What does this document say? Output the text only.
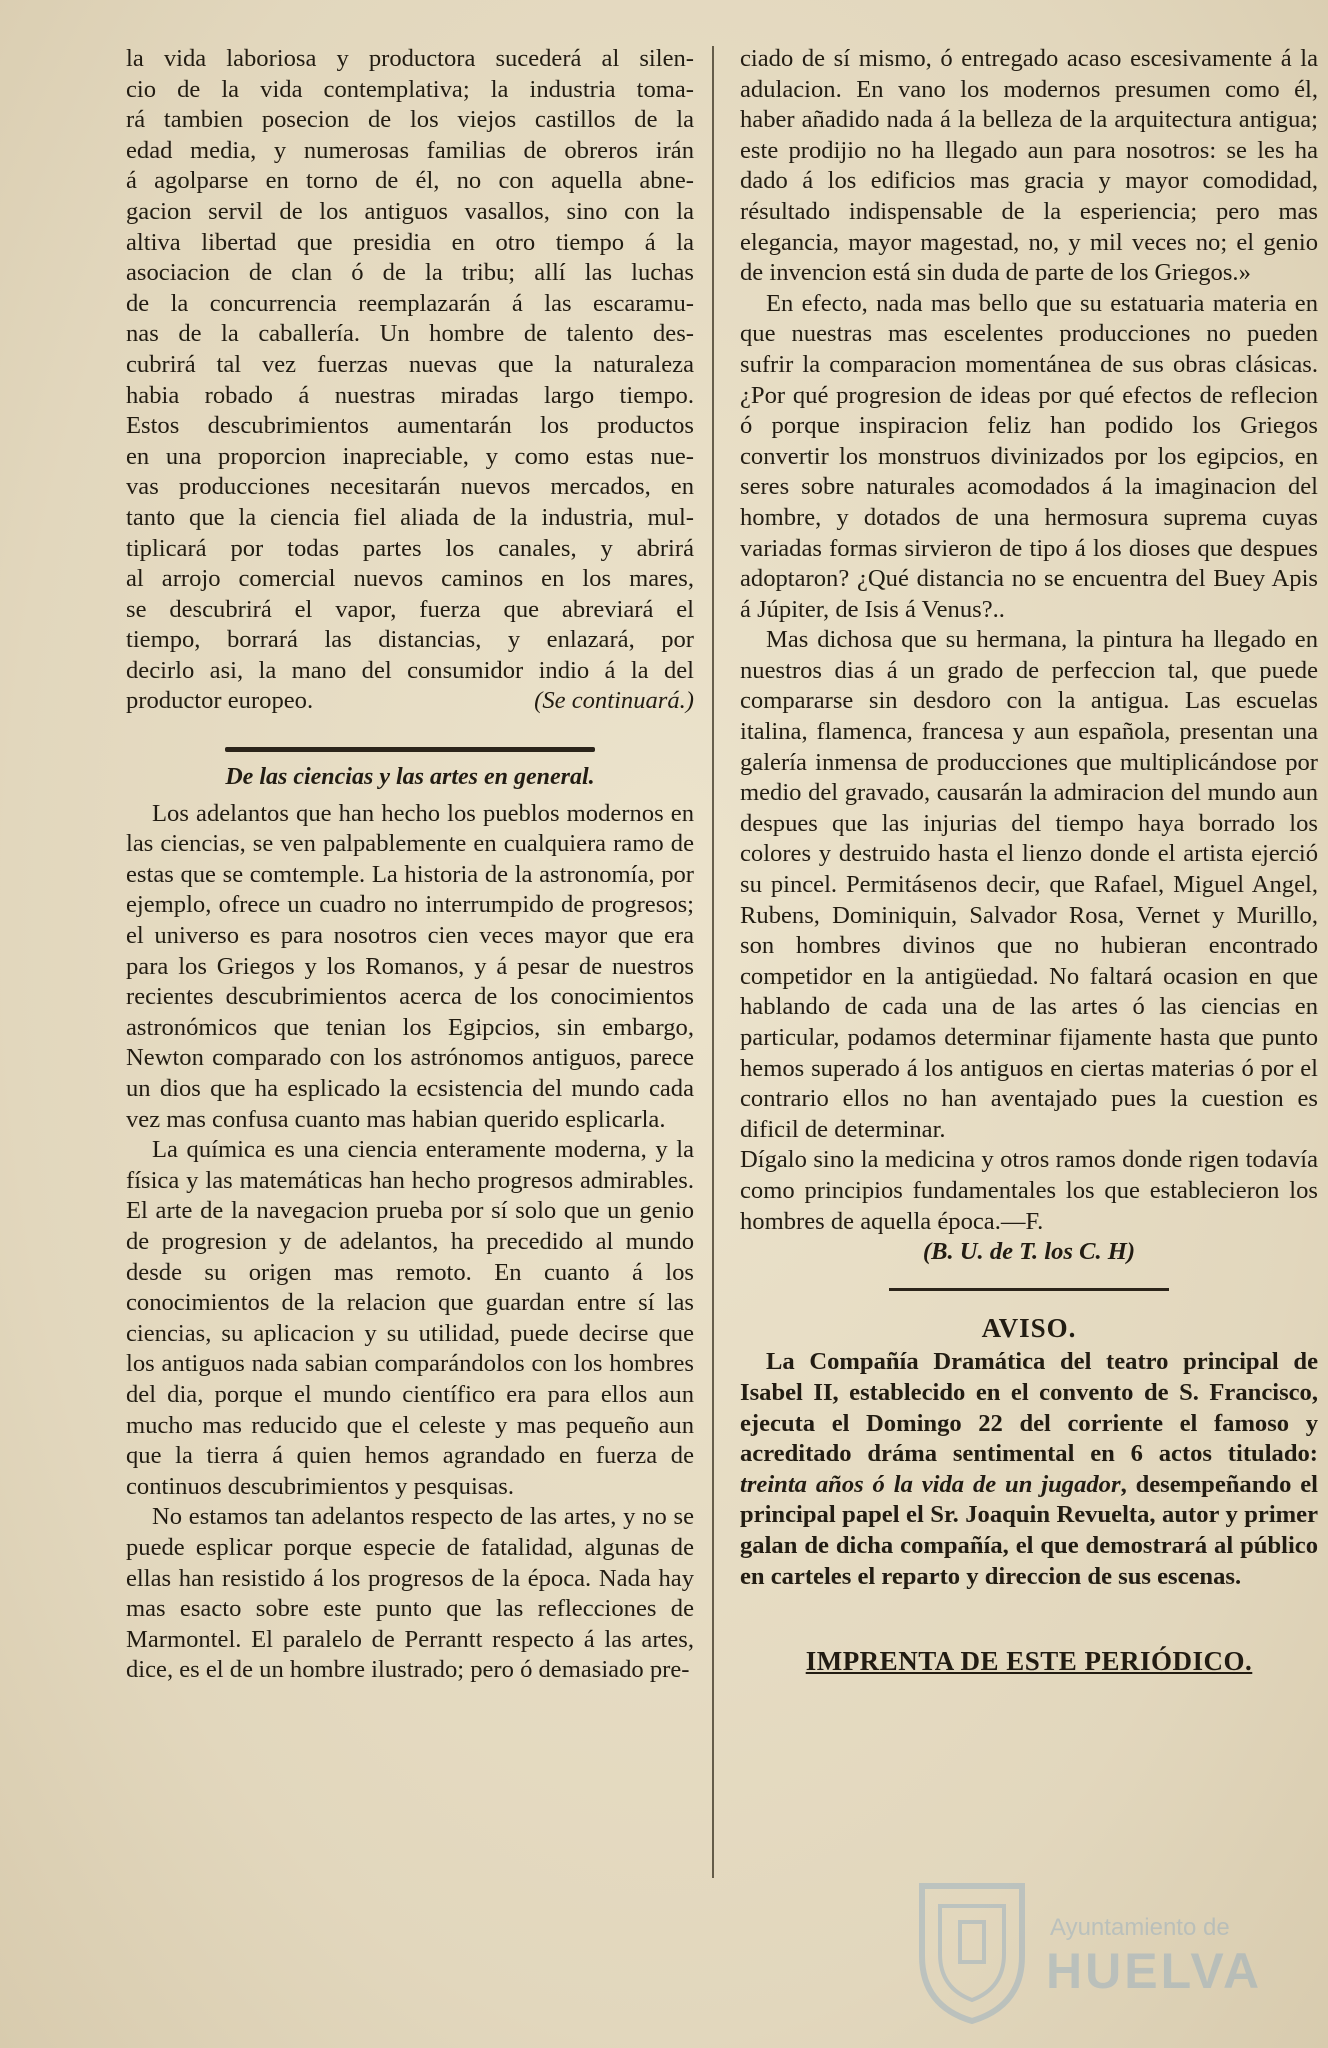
la vida laboriosa y productora sucederá al silen-
cio de la vida contemplativa; la industria toma-
rá tambien posecion de los viejos castillos de la
edad media, y numerosas familias de obreros irán
á agolparse en torno de él, no con aquella abne-
gacion servil de los antiguos vasallos, sino con la
altiva libertad que presidia en otro tiempo á la
asociacion de clan ó de la tribu; allí las luchas
de la concurrencia reemplazarán á las escaramu-
nas de la caballería. Un hombre de talento des-
cubrirá tal vez fuerzas nuevas que la naturaleza
habia robado á nuestras miradas largo tiempo.
Estos descubrimientos aumentarán los productos
en una proporcion inapreciable, y como estas nue-
vas producciones necesitarán nuevos mercados, en
tanto que la ciencia fiel aliada de la industria, mul-
tiplicará por todas partes los canales, y abrirá
al arrojo comercial nuevos caminos en los mares,
se descubrirá el vapor, fuerza que abreviará el
tiempo, borrará las distancias, y enlazará, por
decirlo asi, la mano del consumidor indio á la del
productor europeo.	(Se continuará.)

De las ciencias y las artes en general.

Los adelantos que han hecho los pueblos modernos en las ciencias, se ven palpablemente en cualquiera ramo de estas que se comtemple. La historia de la astronomía, por ejemplo, ofrece un cuadro no interrumpido de progresos; el universo es para nosotros cien veces mayor que era para los Griegos y los Romanos, y á pesar de nuestros recientes descubrimientos acerca de los conocimientos astronómicos que tenian los Egipcios, sin embargo, Newton comparado con los astrónomos antiguos, parece un dios que ha esplicado la ecsistencia del mundo cada vez mas confusa cuanto mas habian querido esplicarla.

La química es una ciencia enteramente moderna, y la física y las matemáticas han hecho progresos admirables. El arte de la navegacion prueba por sí solo que un genio de progresion y de adelantos, ha precedido al mundo desde su origen mas remoto. En cuanto á los conocimientos de la relacion que guardan entre sí las ciencias, su aplicacion y su utilidad, puede decirse que los antiguos nada sabian comparándolos con los hombres del dia, porque el mundo científico era para ellos aun mucho mas reducido que el celeste y mas pequeño aun que la tierra á quien hemos agrandado en fuerza de continuos descubrimientos y pesquisas.

No estamos tan adelantos respecto de las artes, y no se puede esplicar porque especie de fatalidad, algunas de ellas han resistido á los progresos de la época. Nada hay mas esacto sobre este punto que las reflecciones de Marmontel. El paralelo de Perrantt respecto á las artes, dice, es el de un hombre ilustrado; pero ó demasiado pre-

ciado de sí mismo, ó entregado acaso escesivamente á la adulacion. En vano los modernos presumen como él, haber añadido nada á la belleza de la arquitectura antigua; este prodijio no ha llegado aun para nosotros: se les ha dado á los edificios mas gracia y mayor comodidad, résultado indispensable de la esperiencia; pero mas elegancia, mayor magestad, no, y mil veces no; el genio de invencion está sin duda de parte de los Griegos.»

En efecto, nada mas bello que su estatuaria materia en que nuestras mas escelentes producciones no pueden sufrir la comparacion momentánea de sus obras clásicas. ¿Por qué progresion de ideas por qué efectos de reflecion ó porque inspiracion feliz han podido los Griegos convertir los monstruos divinizados por los egipcios, en seres sobre naturales acomodados á la imaginacion del hombre, y dotados de una hermosura suprema cuyas variadas formas sirvieron de tipo á los dioses que despues adoptaron? ¿Qué distancia no se encuentra del Buey Apis á Júpiter, de Isis á Venus?..

Mas dichosa que su hermana, la pintura ha llegado en nuestros dias á un grado de perfeccion tal, que puede compararse sin desdoro con la antigua. Las escuelas italina, flamenca, francesa y aun española, presentan una galería inmensa de producciones que multiplicándose por medio del gravado, causarán la admiracion del mundo aun despues que las injurias del tiempo haya borrado los colores y destruido hasta el lienzo donde el artista ejerció su pincel. Permitásenos decir, que Rafael, Miguel Angel, Rubens, Dominiquin, Salvador Rosa, Vernet y Murillo, son hombres divinos que no hubieran encontrado competidor en la antigüedad. No faltará ocasion en que hablando de cada una de las artes ó las ciencias en particular, podamos determinar fijamente hasta que punto hemos superado á los antiguos en ciertas materias ó por el contrario ellos no han aventajado pues la cuestion es dificil de determinar.

Dígalo sino la medicina y otros ramos donde rigen todavía como principios fundamentales los que establecieron los hombres de aquella época.—F.

(B. U. de T. los C. H)

AVISO.

La Compañía Dramática del teatro principal de Isabel II, establecido en el convento de S. Francisco, ejecuta el Domingo 22 del corriente el famoso y acreditado dráma sentimental en 6 actos titulado: treinta años ó la vida de un jugador, desempeñando el principal papel el Sr. Joaquin Revuelta, autor y primer galan de dicha compañía, el que demostrará al público en carteles el reparto y direccion de sus escenas.

IMPRENTA DE ESTE PERIÓDICO.

Ayuntamiento de
HUELVA
